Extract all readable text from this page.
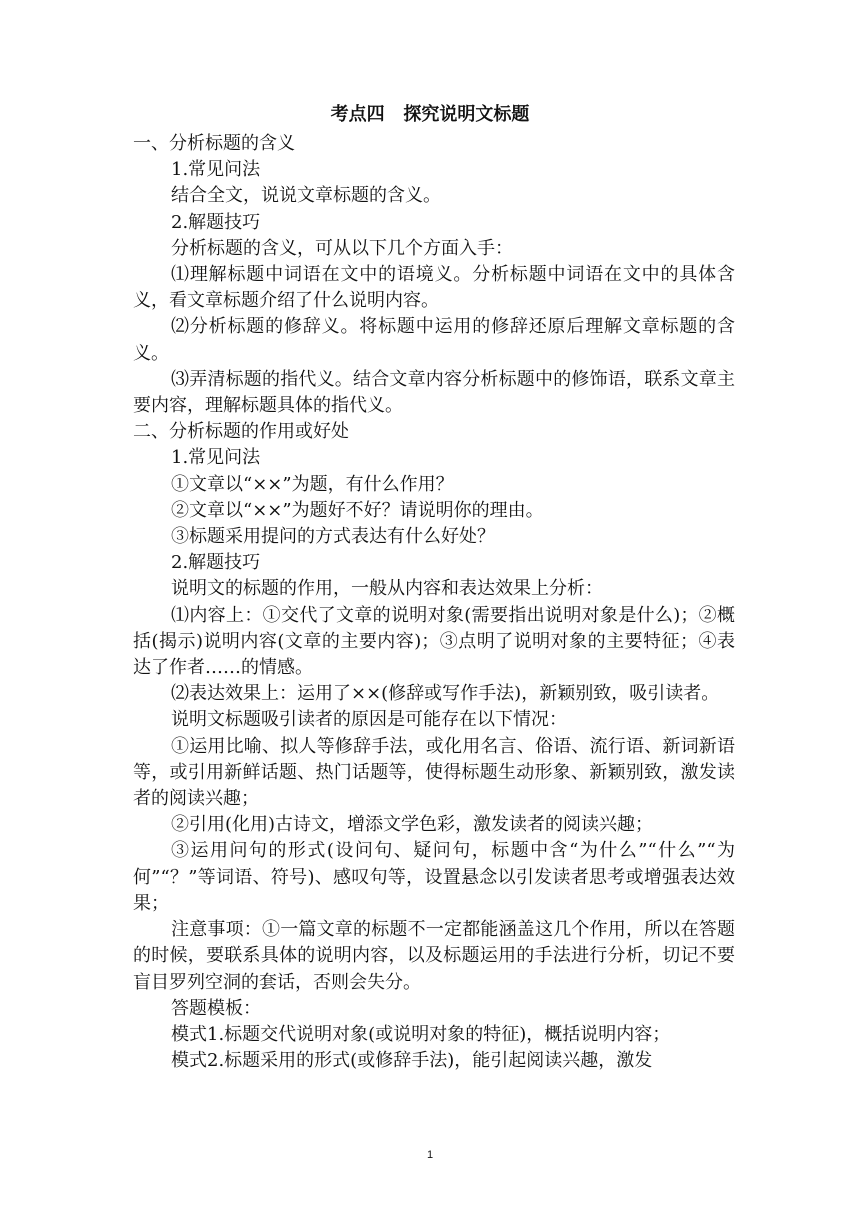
考点四   探究说明文标题

一、分析标题的含义

1.常见问法

结合全文，说说文章标题的含义。

2.解题技巧

分析标题的含义，可从以下几个方面入手：

⑴理解标题中词语在文中的语境义。分析标题中词语在文中的具体含义，看文章标题介绍了什么说明内容。

⑵分析标题的修辞义。将标题中运用的修辞还原后理解文章标题的含义。

⑶弄清标题的指代义。结合文章内容分析标题中的修饰语，联系文章主要内容，理解标题具体的指代义。

二、分析标题的作用或好处

1.常见问法

①文章以“××”为题，有什么作用？

②文章以“××”为题好不好？请说明你的理由。

③标题采用提问的方式表达有什么好处？

2.解题技巧

说明文的标题的作用，一般从内容和表达效果上分析：

⑴内容上：①交代了文章的说明对象(需要指出说明对象是什么)；②概括(揭示)说明内容(文章的主要内容)；③点明了说明对象的主要特征；④表达了作者……的情感。

⑵表达效果上：运用了××(修辞或写作手法)，新颖别致，吸引读者。

说明文标题吸引读者的原因是可能存在以下情况：

①运用比喻、拟人等修辞手法，或化用名言、俗语、流行语、新词新语等，或引用新鲜话题、热门话题等，使得标题生动形象、新颖别致，激发读者的阅读兴趣；

②引用(化用)古诗文，增添文学色彩，激发读者的阅读兴趣；

③运用问句的形式(设问句、疑问句，标题中含“为什么”“什么”“为何”“？”等词语、符号)、感叹句等，设置悬念以引发读者思考或增强表达效果；

注意事项：①一篇文章的标题不一定都能涵盖这几个作用，所以在答题的时候，要联系具体的说明内容，以及标题运用的手法进行分析，切记不要盲目罗列空洞的套话，否则会失分。

答题模板：

模式1.标题交代说明对象(或说明对象的特征)，概括说明内容；

模式2.标题采用的形式(或修辞手法)，能引起阅读兴趣，激发

1
